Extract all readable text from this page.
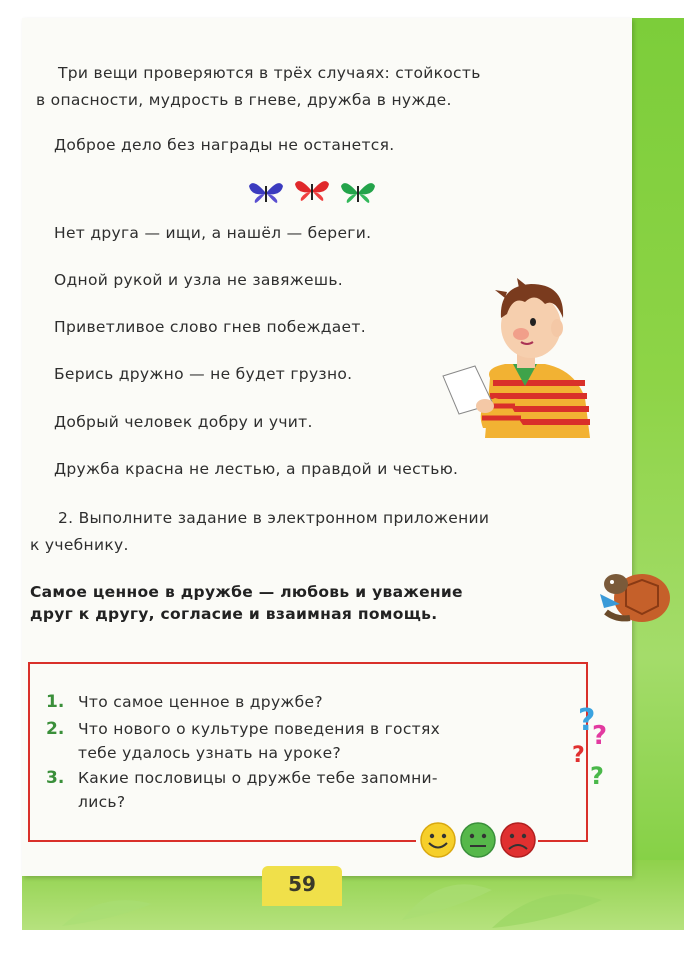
Три вещи проверяются в трёх случаях: стойкость
в опасности, мудрость в гневе, дружба в нужде.
Доброе дело без награды не останется.
Нет друга — ищи, а нашёл — береги.
Одной рукой и узла не завяжешь.
Приветливое слово гнев побеждает.
Берись дружно — не будет грузно.
Добрый человек добру и учит.
Дружба красна не лестью, а правдой и честью.
2. Выполните задание в электронном приложении
к учебнику.
Самое ценное в дружбе — любовь и уважение
друг к другу, согласие и взаимная помощь.
1. Что самое ценное в дружбе?
2. Что нового о культуре поведения в гостях
тебе удалось узнать на уроке?
3. Какие пословицы о дружбе тебе запомни-
лись?
?
?
?
?
59
